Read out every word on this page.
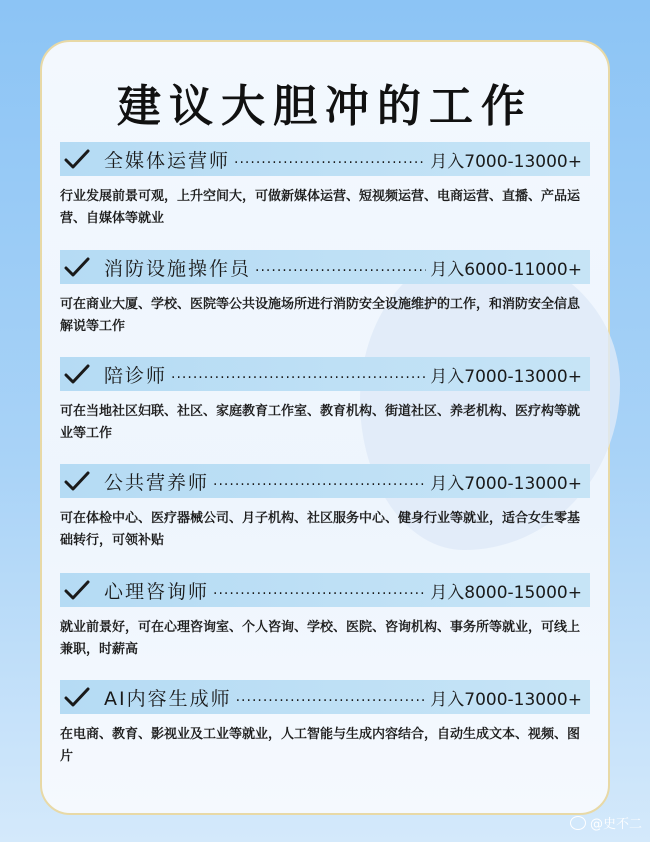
建议大胆冲的工作
全媒体运营师 .....	月入7000-13000+
行业发展前景可观，上升空间大，可做新媒体运营、短视频运营、电商运营、直播、产品运营、自媒体等就业
消防设施操作员 .....	月入6000-11000+
可在商业大厦、学校、医院等公共设施场所进行消防安全设施维护的工作，和消防安全信息解说等工作
陪诊师 .....	月入7000-13000+
可在当地社区妇联、社区、家庭教育工作室、教育机构、街道社区、养老机构、医疗构等就业等工作
公共营养师 .....	月入7000-13000+
可在体检中心、医疗器械公司、月子机构、社区服务中心、健身行业等就业，适合女生零基础转行，可领补贴
心理咨询师 .....	月入8000-15000+
就业前景好，可在心理咨询室、个人咨询、学校、医院、咨询机构、事务所等就业，可线上兼职，时薪高
AI内容生成师 .....	月入7000-13000+
在电商、教育、影视业及工业等就业，人工智能与生成内容结合，自动生成文本、视频、图片
@史不二
